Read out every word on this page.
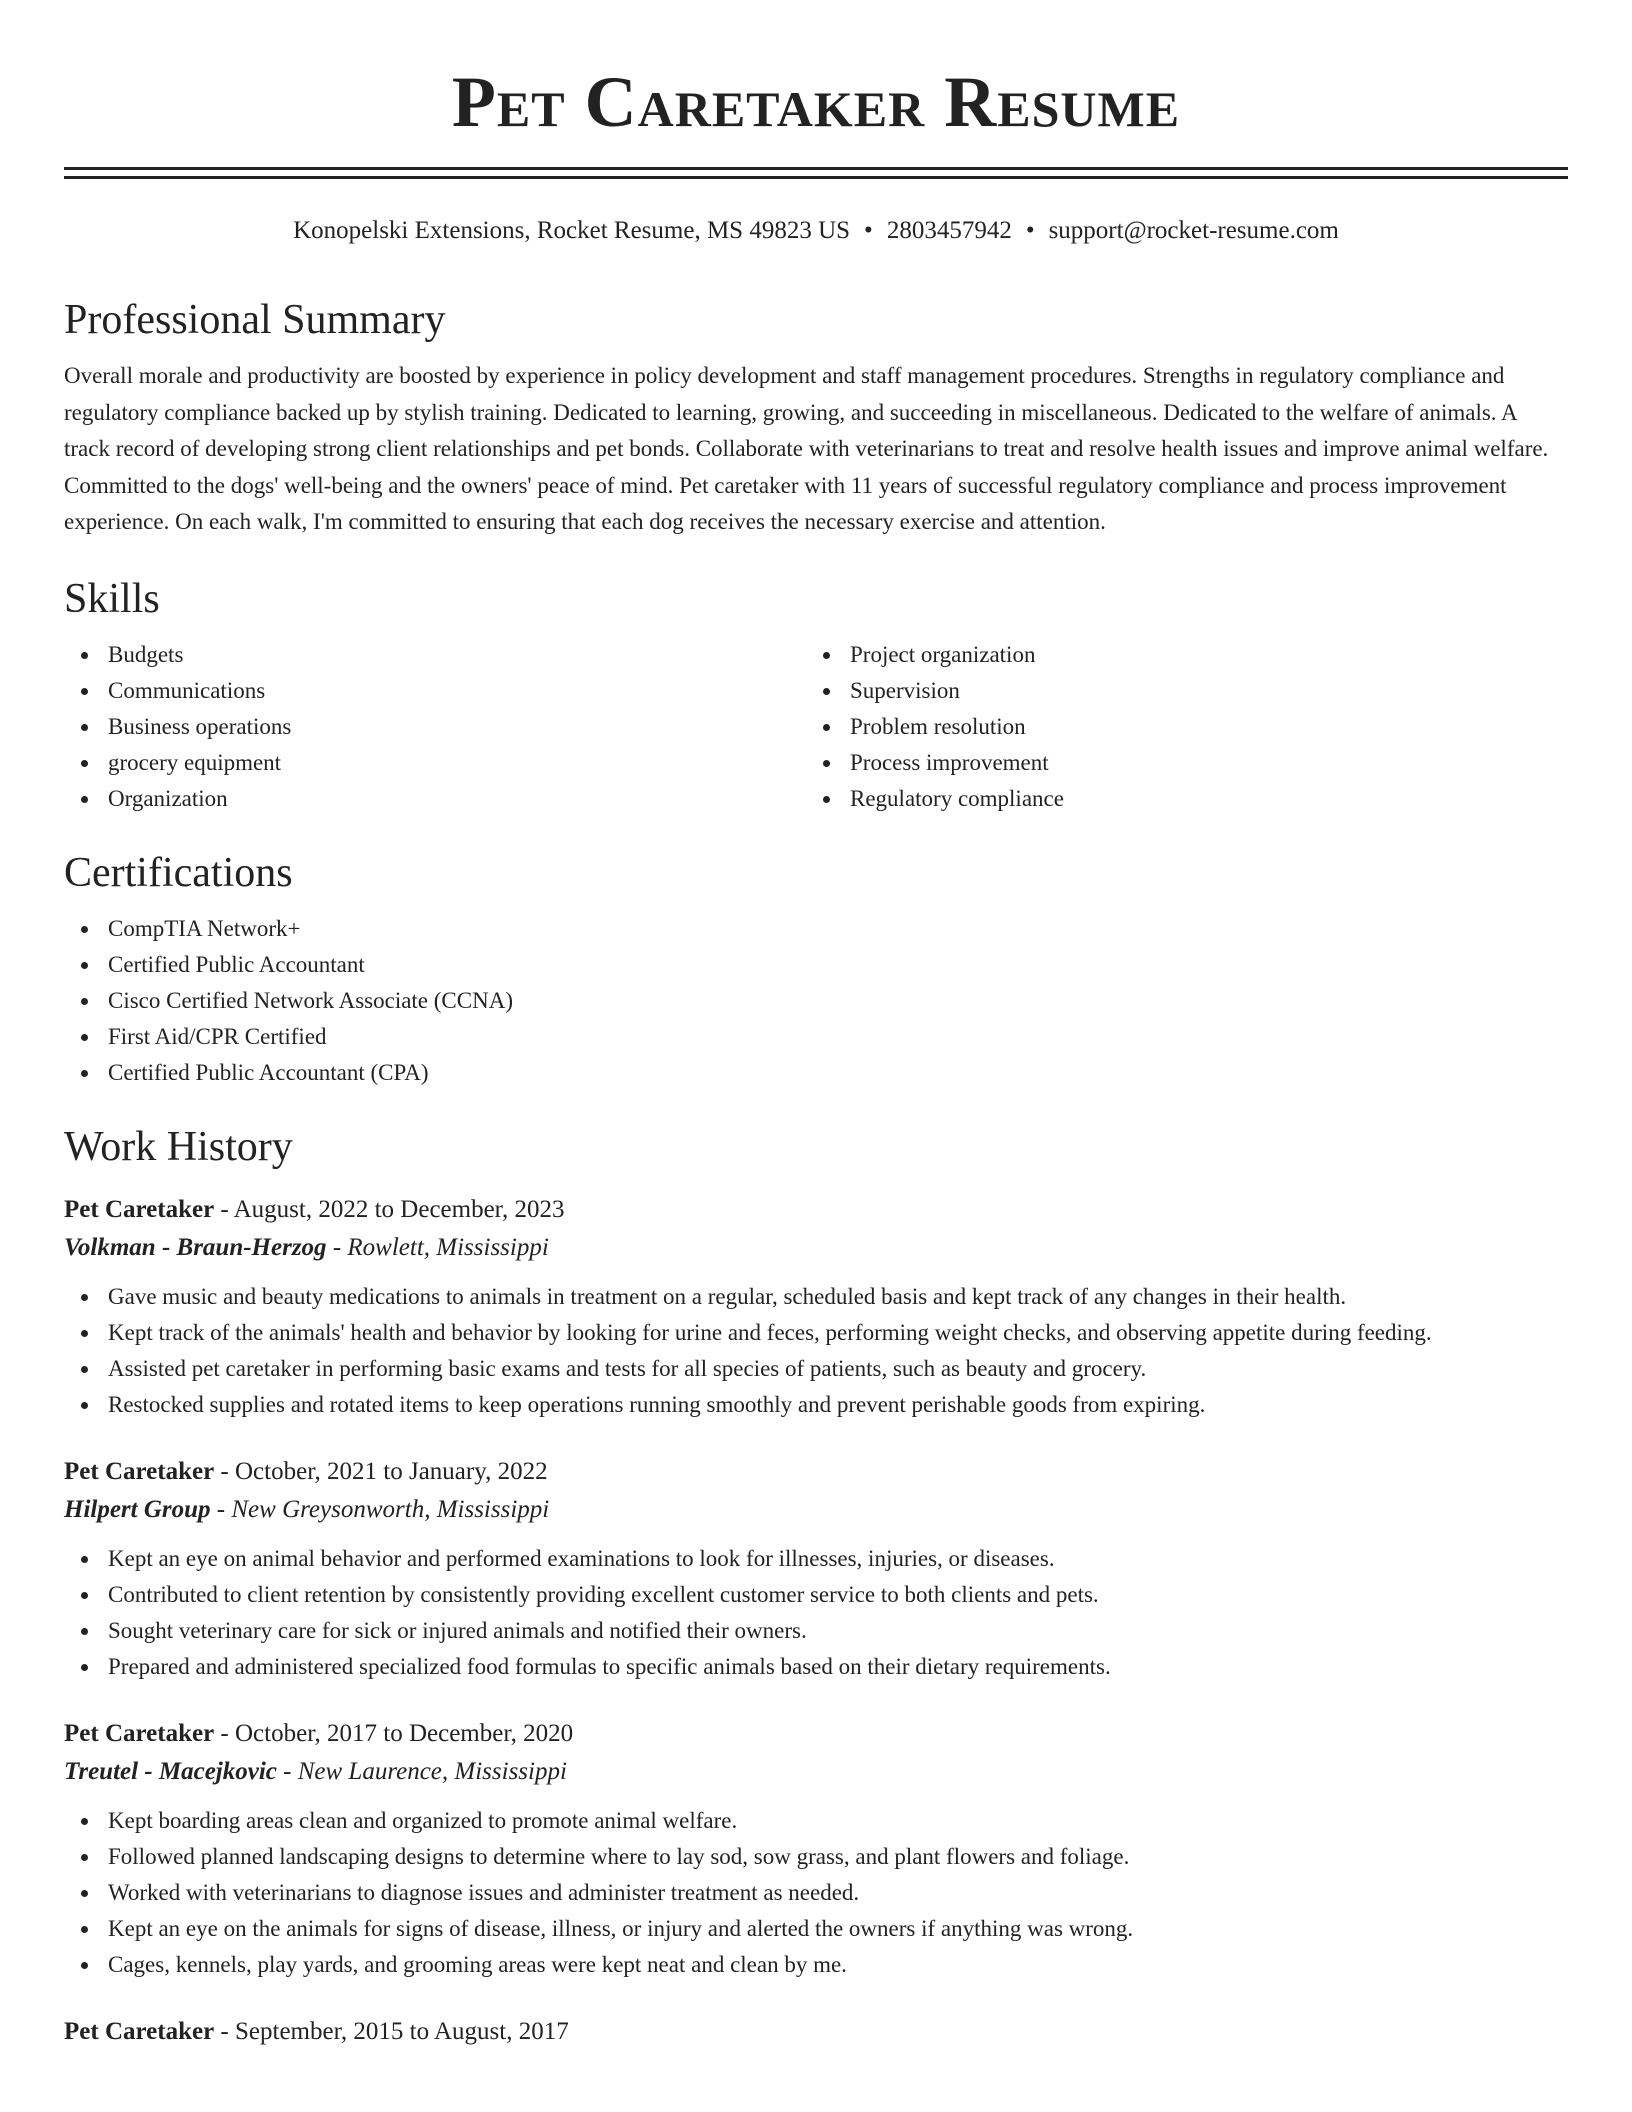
Pet Caretaker Resume
Konopelski Extensions, Rocket Resume, MS 49823 US • 2803457942 • support@rocket-resume.com
Professional Summary

Overall morale and productivity are boosted by experience in policy development and staff management procedures. Strengths in regulatory compliance and regulatory compliance backed up by stylish training. Dedicated to learning, growing, and succeeding in miscellaneous. Dedicated to the welfare of animals. A track record of developing strong client relationships and pet bonds. Collaborate with veterinarians to treat and resolve health issues and improve animal welfare. Committed to the dogs' well-being and the owners' peace of mind. Pet caretaker with 11 years of successful regulatory compliance and process improvement experience. On each walk, I'm committed to ensuring that each dog receives the necessary exercise and attention.

Skills
Budgets
Communications
Business operations
grocery equipment
Organization
Project organization
Supervision
Problem resolution
Process improvement
Regulatory compliance
Certifications
CompTIA Network+
Certified Public Accountant
Cisco Certified Network Associate (CCNA)
First Aid/CPR Certified
Certified Public Accountant (CPA)
Work History
Pet Caretaker - August, 2022 to December, 2023
Volkman - Braun-Herzog - Rowlett, Mississippi
Gave music and beauty medications to animals in treatment on a regular, scheduled basis and kept track of any changes in their health.
Kept track of the animals' health and behavior by looking for urine and feces, performing weight checks, and observing appetite during feeding.
Assisted pet caretaker in performing basic exams and tests for all species of patients, such as beauty and grocery.
Restocked supplies and rotated items to keep operations running smoothly and prevent perishable goods from expiring.
Pet Caretaker - October, 2021 to January, 2022
Hilpert Group - New Greysonworth, Mississippi
Kept an eye on animal behavior and performed examinations to look for illnesses, injuries, or diseases.
Contributed to client retention by consistently providing excellent customer service to both clients and pets.
Sought veterinary care for sick or injured animals and notified their owners.
Prepared and administered specialized food formulas to specific animals based on their dietary requirements.
Pet Caretaker - October, 2017 to December, 2020
Treutel - Macejkovic - New Laurence, Mississippi
Kept boarding areas clean and organized to promote animal welfare.
Followed planned landscaping designs to determine where to lay sod, sow grass, and plant flowers and foliage.
Worked with veterinarians to diagnose issues and administer treatment as needed.
Kept an eye on the animals for signs of disease, illness, or injury and alerted the owners if anything was wrong.
Cages, kennels, play yards, and grooming areas were kept neat and clean by me.
Pet Caretaker - September, 2015 to August, 2017
